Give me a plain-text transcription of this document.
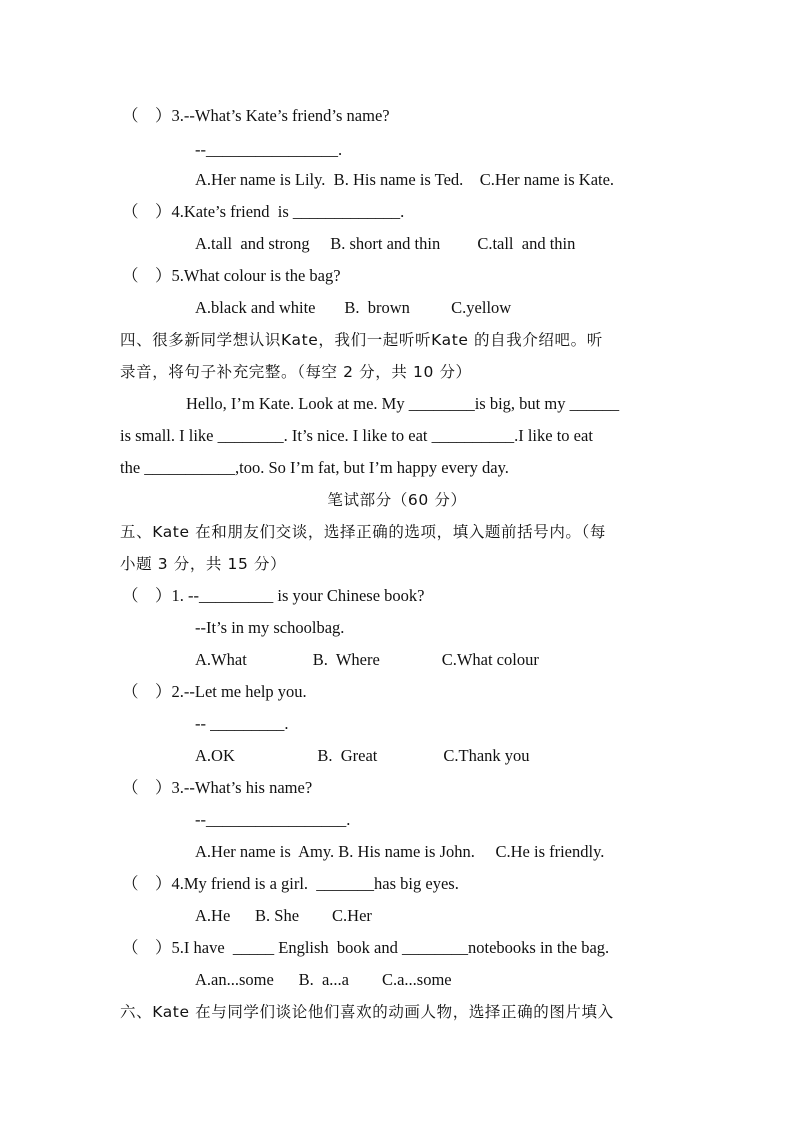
（    ）3.--What’s Kate’s friend’s name?
--________________.
A.Her name is Lily.  B. His name is Ted.    C.Her name is Kate.
（    ）4.Kate’s friend  is _____________.
A.tall  and strong     B. short and thin         C.tall  and thin
（    ）5.What colour is the bag?
A.black and white       B.  brown          C.yellow
四、很多新同学想认识Kate，我们一起听听Kate 的自我介绍吧。听
录音，将句子补充完整。（每空 2 分，共 10 分）
Hello, I’m Kate. Look at me. My ________is big, but my ______
is small. I like ________. It’s nice. I like to eat __________.I like to eat
the ___________,too. So I’m fat, but I’m happy every day.
笔试部分（60 分）
五、Kate 在和朋友们交谈，选择正确的选项，填入题前括号内。（每
小题 3 分，共 15 分）
（    ）1. --_________ is your Chinese book?
--It’s in my schoolbag.
A.What                B.  Where               C.What colour
（    ）2.--Let me help you.
-- _________.
A.OK                    B.  Great                C.Thank you
（    ）3.--What’s his name?
--_________________.
A.Her name is  Amy. B. His name is John.     C.He is friendly.
（    ）4.My friend is a girl.  _______has big eyes.
A.He      B. She        C.Her
（    ）5.I have  _____ English  book and ________notebooks in the bag.
A.an...some      B.  a...a        C.a...some
六、Kate 在与同学们谈论他们喜欢的动画人物，选择正确的图片填入
